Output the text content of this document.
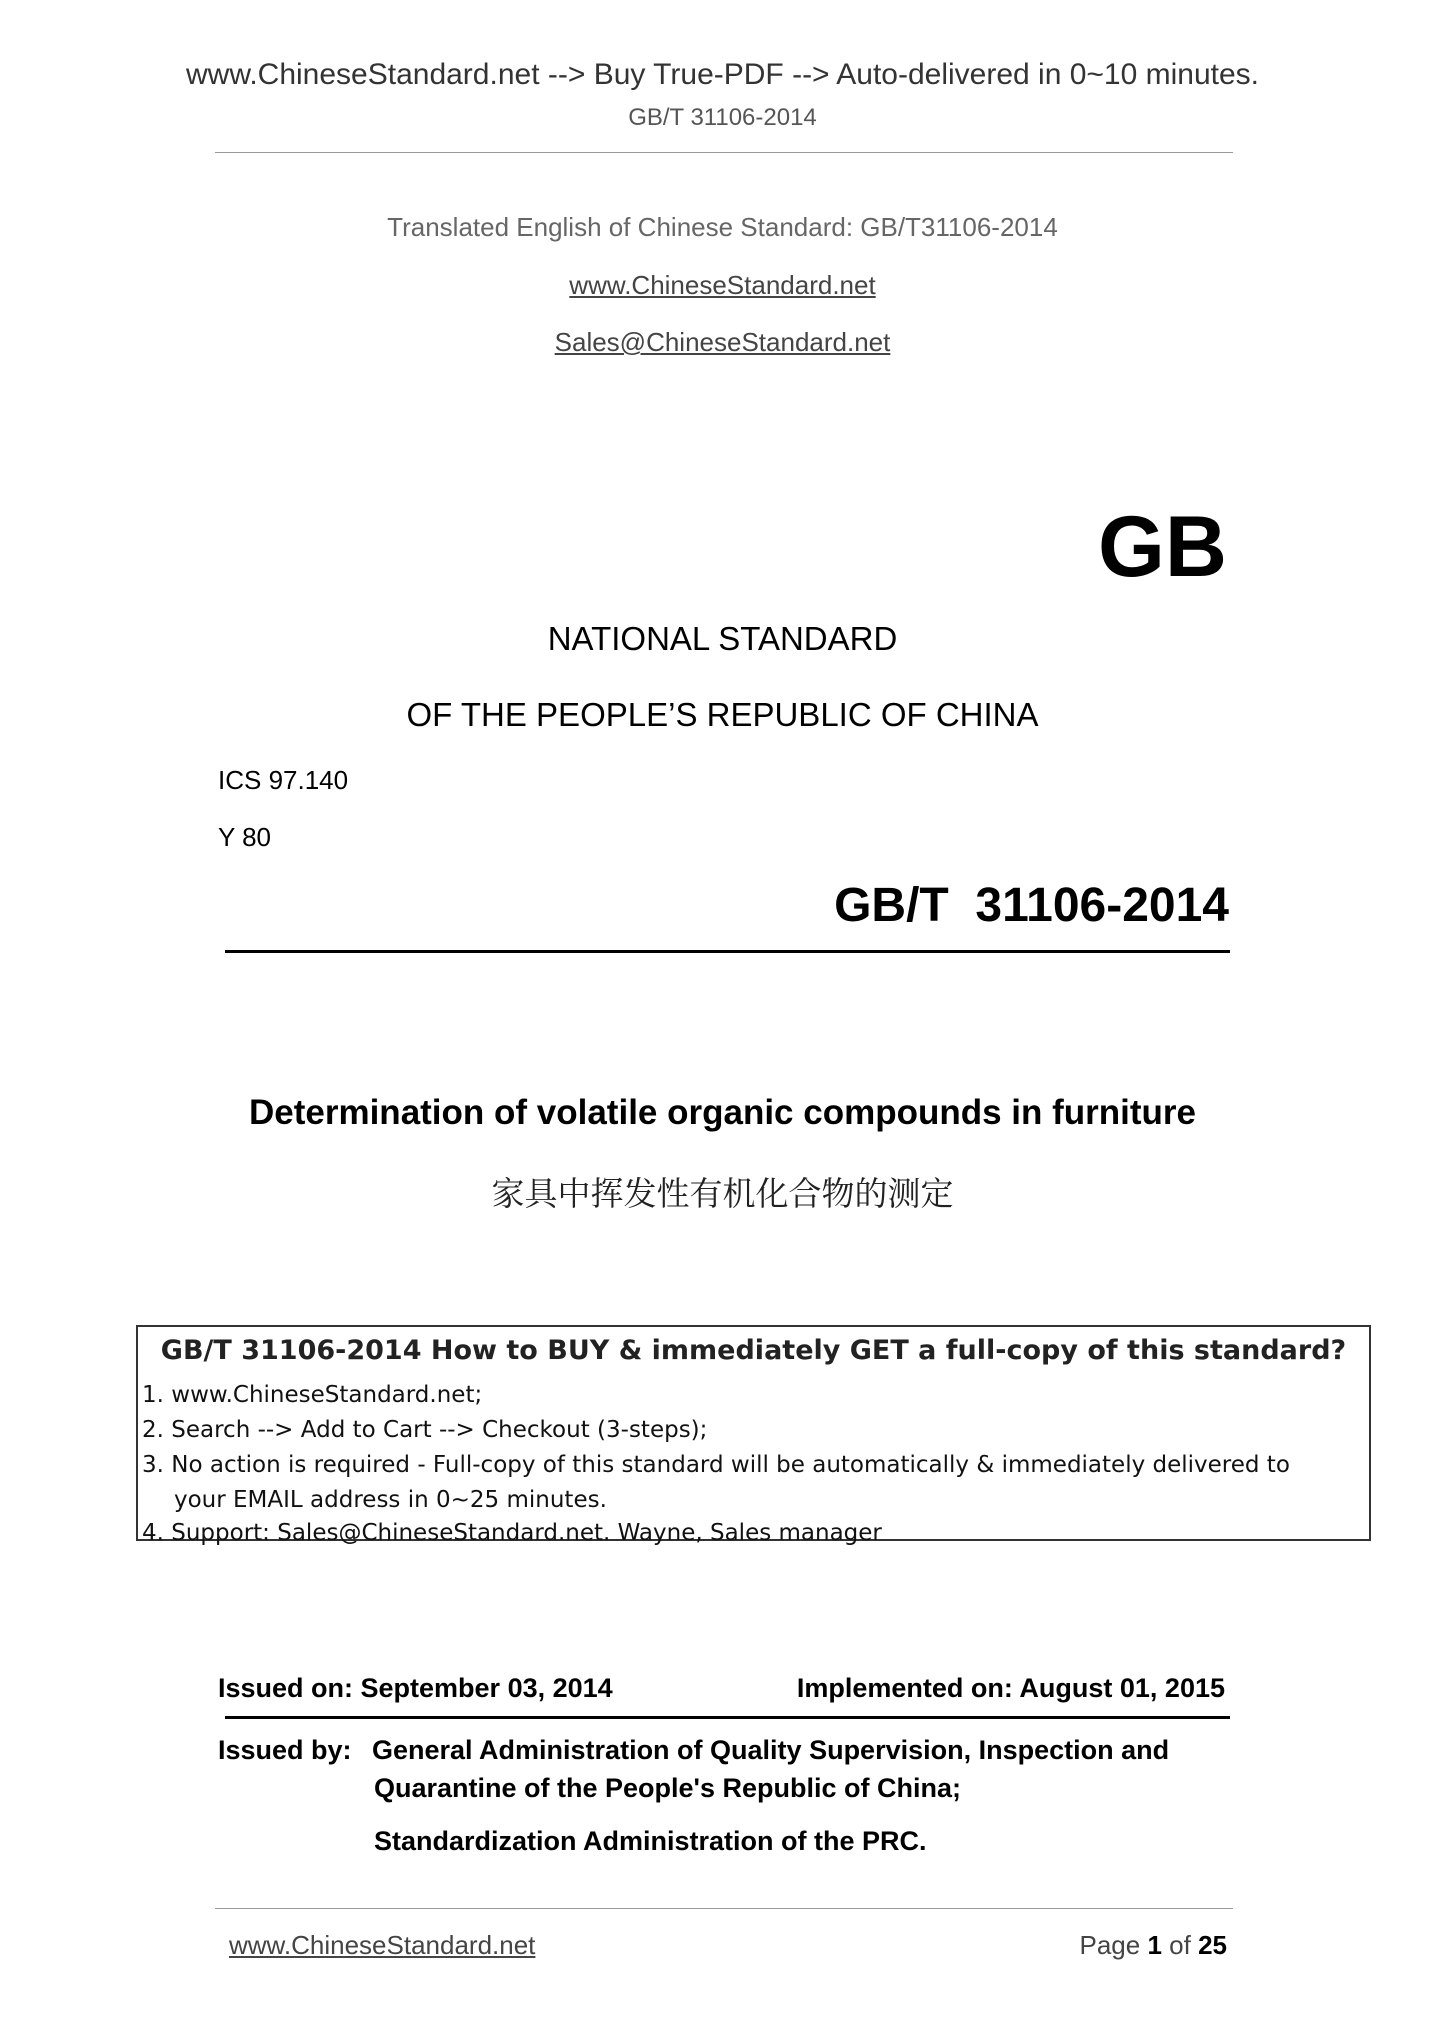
www.ChineseStandard.net --> Buy True-PDF --> Auto-delivered in 0~10 minutes.
GB/T 31106-2014
Translated English of Chinese Standard: GB/T31106-2014
www.ChineseStandard.net
Sales@ChineseStandard.net
GB
NATIONAL STANDARD
OF THE PEOPLE’S REPUBLIC OF CHINA
ICS 97.140
Y 80
GB/T  31106-2014
Determination of volatile organic compounds in furniture
家具中挥发性有机化合物的测定
GB/T 31106-2014 How to BUY & immediately GET a full-copy of this standard?
1. www.ChineseStandard.net;
2. Search --> Add to Cart --> Checkout (3-steps);
3. No action is required - Full-copy of this standard will be automatically & immediately delivered to
your EMAIL address in 0~25 minutes.
4. Support: Sales@ChineseStandard.net. Wayne, Sales manager
Issued on: September 03, 2014	Implemented on: August 01, 2015
Issued by: General Administration of Quality Supervision, Inspection and
Quarantine of the People's Republic of China;
Standardization Administration of the PRC.
www.ChineseStandard.net	Page 1 of 25
